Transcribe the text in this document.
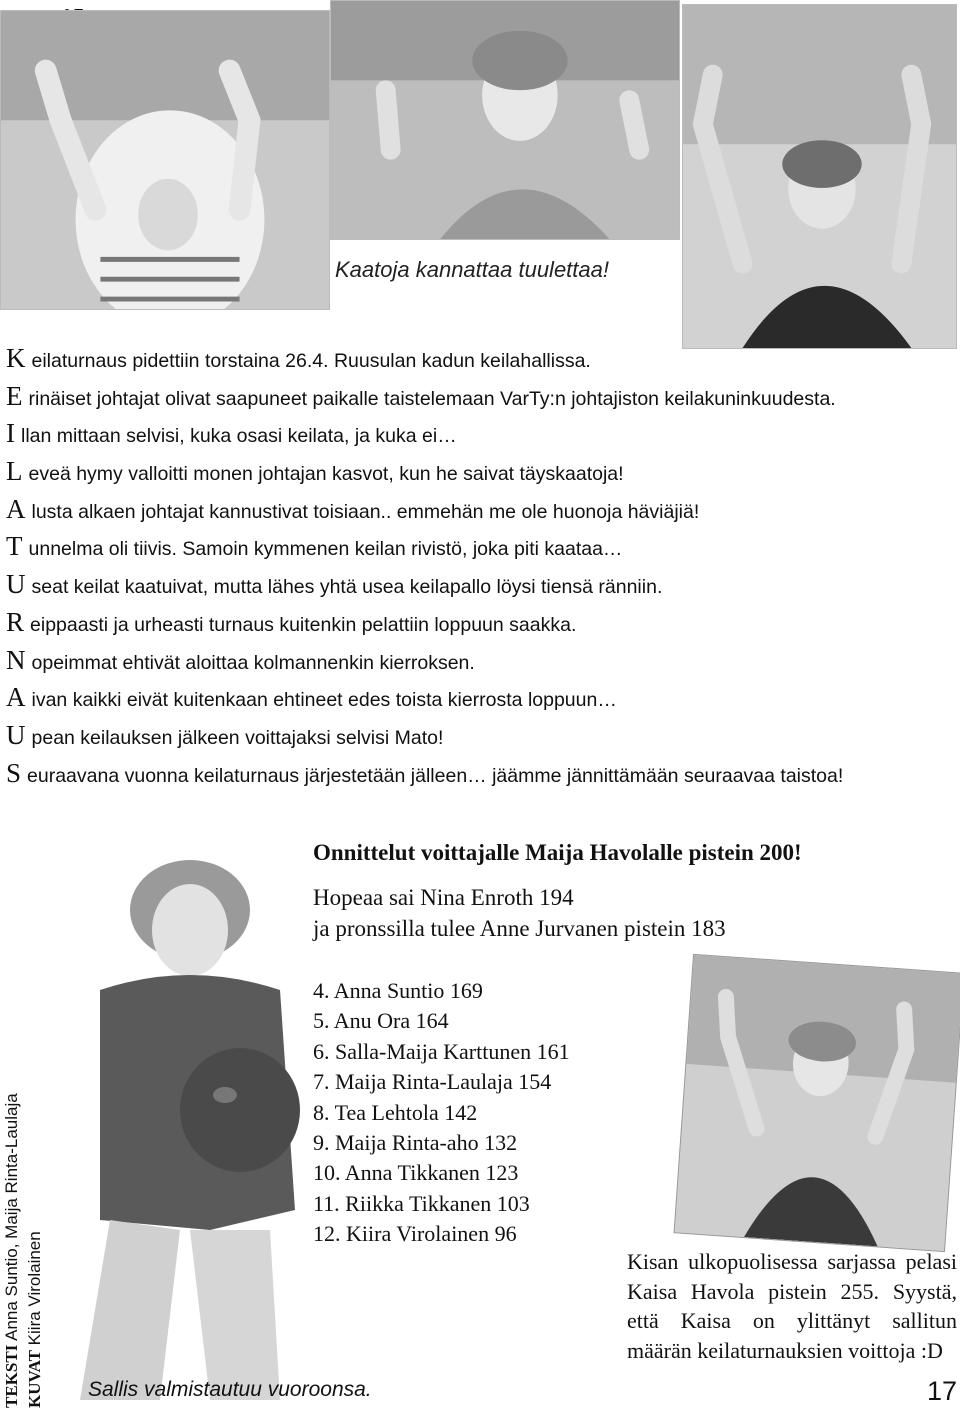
Kaatoja kannattaa tuulettaa!
K eilaturnaus pidettiin torstaina 26.4. Ruusulan kadun keilahallissa.
E rinäiset johtajat olivat saapuneet paikalle taistelemaan VarTy:n johtajiston keilakuninkuudesta.
I llan mittaan selvisi, kuka osasi keilata, ja kuka ei…
L eveä hymy valloitti monen johtajan kasvot, kun he saivat täyskaatoja!
A lusta alkaen johtajat kannustivat toisiaan.. emmehän me ole huonoja häviäjiä!
T unnelma oli tiivis. Samoin kymmenen keilan rivistö, joka piti kaataa…
U seat keilat kaatuivat, mutta lähes yhtä usea keilapallo löysi tiensä ränniin.
R eippaasti ja urheasti turnaus kuitenkin pelattiin loppuun saakka.
N opeimmat ehtivät aloittaa kolmannenkin kierroksen.
A ivan kaikki eivät kuitenkaan ehtineet edes toista kierrosta loppuun…
U pean keilauksen jälkeen voittajaksi selvisi Mato!
S euraavana vuonna keilaturnaus järjestetään jälleen… jäämme jännittämään seuraavaa taistoa!
Onnittelut voittajalle Maija Havolalle pistein 200!
Hopeaa sai Nina Enroth 194
ja pronssilla tulee Anne Jurvanen pistein 183
4. Anna Suntio 169
5. Anu Ora 164
6. Salla-Maija Karttunen 161
7. Maija Rinta-Laulaja 154
8. Tea Lehtola 142
9. Maija Rinta-aho 132
10. Anna Tikkanen 123
11. Riikka Tikkanen 103
12. Kiira Virolainen 96
Kisan ulkopuolisessa sarjassa pelasi Kaisa Havola pistein 255. Syystä, että Kaisa on ylittänyt sallitun määrän keilaturnauksien voittoja :D
Sallis valmistautuu vuoroonsa.	17
TEKSTI Anna Suntio, Maija Rinta-Laulaja
KUVAT Kiira Virolainen
